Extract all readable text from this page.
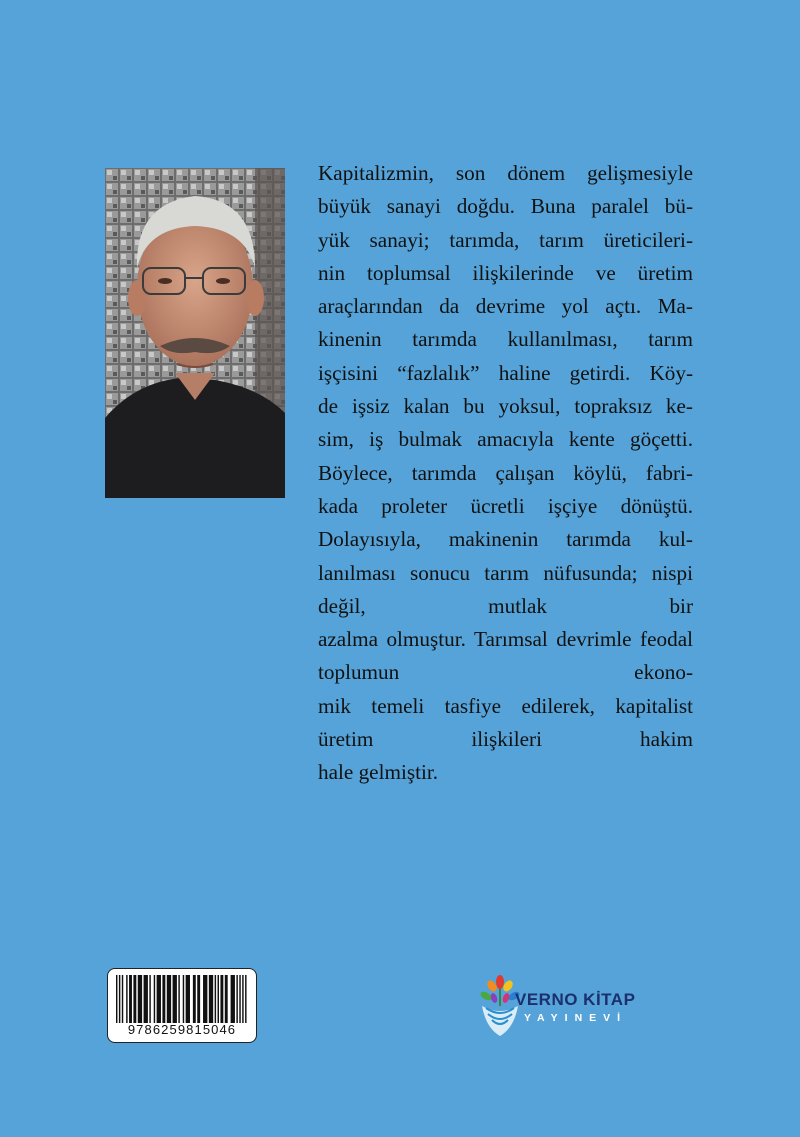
Kapitalizmin, son dönem gelişmesiyle
büyük sanayi doğdu. Buna paralel bü-
yük sanayi; tarımda, tarım üreticileri-
nin toplumsal ilişkilerinde ve üretim
araçlarından da devrime yol açtı. Ma-
kinenin tarımda kullanılması, tarım
işçisini “fazlalık” haline getirdi. Köy-
de işsiz kalan bu yoksul, topraksız ke-
sim, iş bulmak amacıyla kente göçetti.
Böylece, tarımda çalışan köylü, fabri-
kada proleter ücretli işçiye dönüştü.
Dolayısıyla, makinenin tarımda kul-
lanılması sonucu tarım nüfusunda; nispi değil, mutlak bir
azalma olmuştur. Tarımsal devrimle feodal toplumun ekono-
mik temeli tasfiye edilerek, kapitalist üretim ilişkileri hakim
hale gelmiştir.
9786259815046
VERNO KİTAP
YAYINEVİ
